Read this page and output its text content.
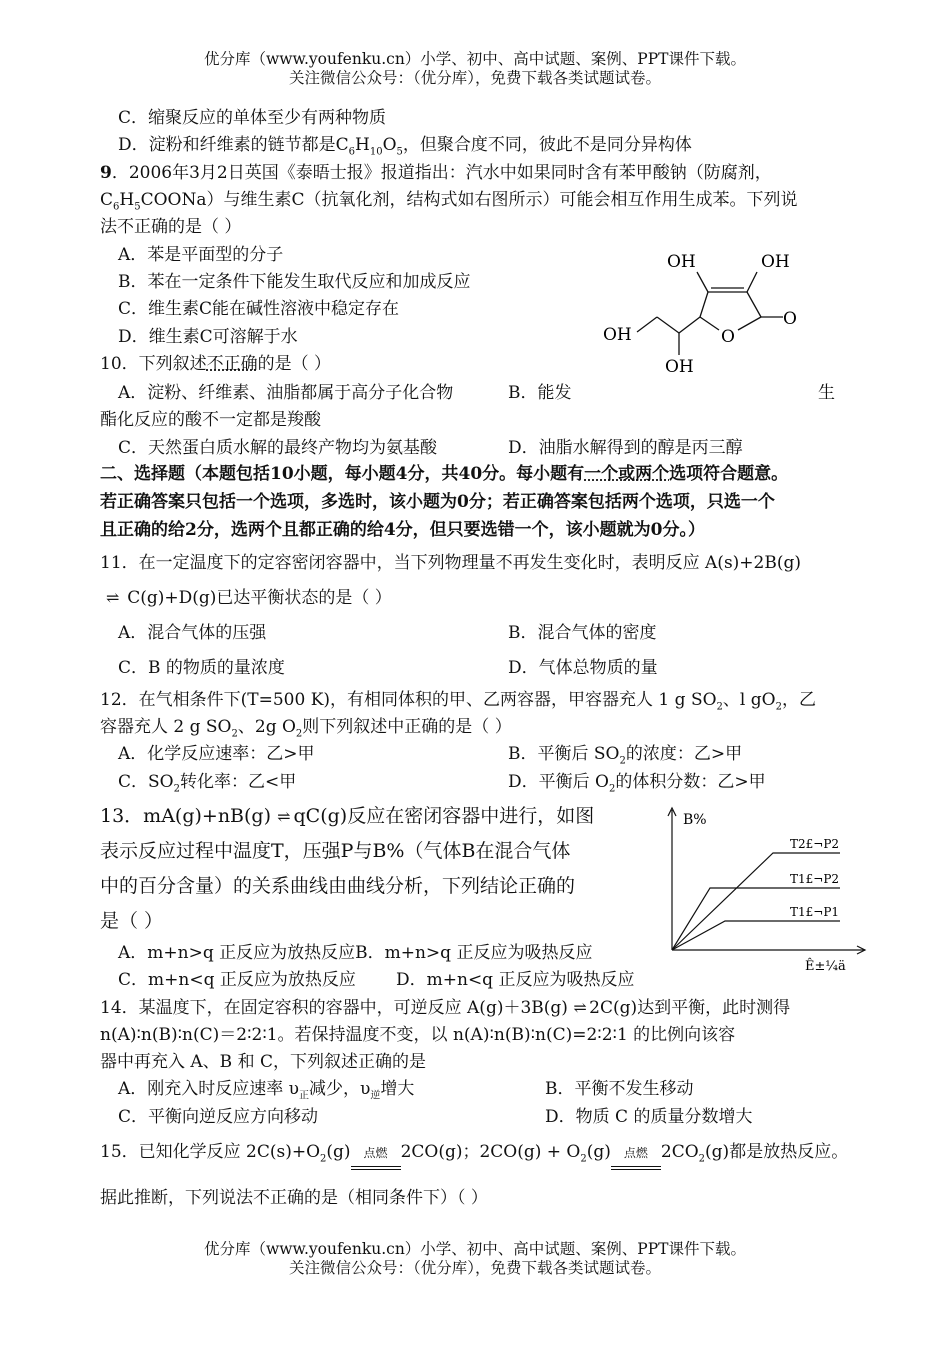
优分库（www.youfenku.cn）小学、初中、高中试题、案例、PPT课件下载。
关注微信公众号：（优分库），免费下载各类试题试卷。
C．缩聚反应的单体至少有两种物质
D．淀粉和纤维素的链节都是$C_6H_{10}O_5$，但聚合度不同，彼此不是同分异构体
9．2006年3月2日英国《泰晤士报》报道指出：汽水中如果同时含有苯甲酸钠（防腐剂，
$C_6H_5COONa$）与维生素C（抗氧化剂，结构式如右图所示）可能会相互作用生成苯。下列说
法不正确的是（ ）
A．苯是平面型的分子
B．苯在一定条件下能发生取代反应和加成反应
C．维生素C能在碱性溶液中稳定存在
D．维生素C可溶解于水
OH	OH
OH
OH
O
O
10．下列叙述不正确的是（ ）
A．淀粉、纤维素、油脂都属于高分子化合物	B．能发	生
酯化反应的酸不一定都是羧酸
C．天然蛋白质水解的最终产物均为氨基酸	D．油脂水解得到的醇是丙三醇
二、选择题（本题包括10小题，每小题4分，共40分。每小题有一个或两个选项符合题意。
若正确答案只包括一个选项，多选时，该小题为0分；若正确答案包括两个选项，只选一个
且正确的给2分，选两个且都正确的给4分，但只要选错一个，该小题就为0分。）
11．在一定温度下的定容密闭容器中，当下列物理量不再发生变化时，表明反应 A(s)+2B(g)
⇌ C(g)+D(g)已达平衡状态的是（ ）
A．混合气体的压强	B．混合气体的密度
C．B 的物质的量浓度	D．气体总物质的量
12．在气相条件下(T=500 K)，有相同体积的甲、乙两容器，甲容器充人 1 g $SO_2$、l $gO_2$，乙
容器充人 2 g $SO_2$、2g $O_2$则下列叙述中正确的是（ ）
A．化学反应速率：乙>甲	B．平衡后 $SO_2$的浓度：乙>甲
C．$SO_2$转化率：乙<甲	D．平衡后 $O_2$的体积分数：乙>甲
13．mA(g)+nB(g) ⇌ qC(g)反应在密闭容器中进行，如图
表示反应过程中温度T，压强P与B%（气体B在混合气体
中的百分含量）的关系曲线由曲线分析，下列结论正确的
是（ ）
A．m+n>q 正反应为放热反应B．m+n>q 正反应为吸热反应
C．m+n<q 正反应为放热反应 D．m+n<q 正反应为吸热反应
B%
Ê±¼ä
T2£¬P2
T1£¬P2
T1£¬P1
14．某温度下，在固定容积的容器中，可逆反应 A(g)＋3B(g) ⇌ 2C(g)达到平衡，此时测得
n(A)∶n(B)∶n(C)＝2∶2∶1。若保持温度不变，以 n(A)∶n(B)∶n(C)=2∶2∶1 的比例向该容
器中再充入 A、B 和 C，下列叙述正确的是
A．刚充入时反应速率 $\upsilon_正$减少，$\upsilon_逆$增大	B．平衡不发生移动
C．平衡向逆反应方向移动	D．物质 C 的质量分数增大
15．已知化学反应 $2C(s)+O_2(g)$ 点燃 2CO(g)；$2CO(g) + O_2(g)$ 点燃 $2CO_2(g)$都是放热反应。
据此推断，下列说法不正确的是（相同条件下）（ ）
优分库（www.youfenku.cn）小学、初中、高中试题、案例、PPT课件下载。
关注微信公众号：（优分库），免费下载各类试题试卷。
